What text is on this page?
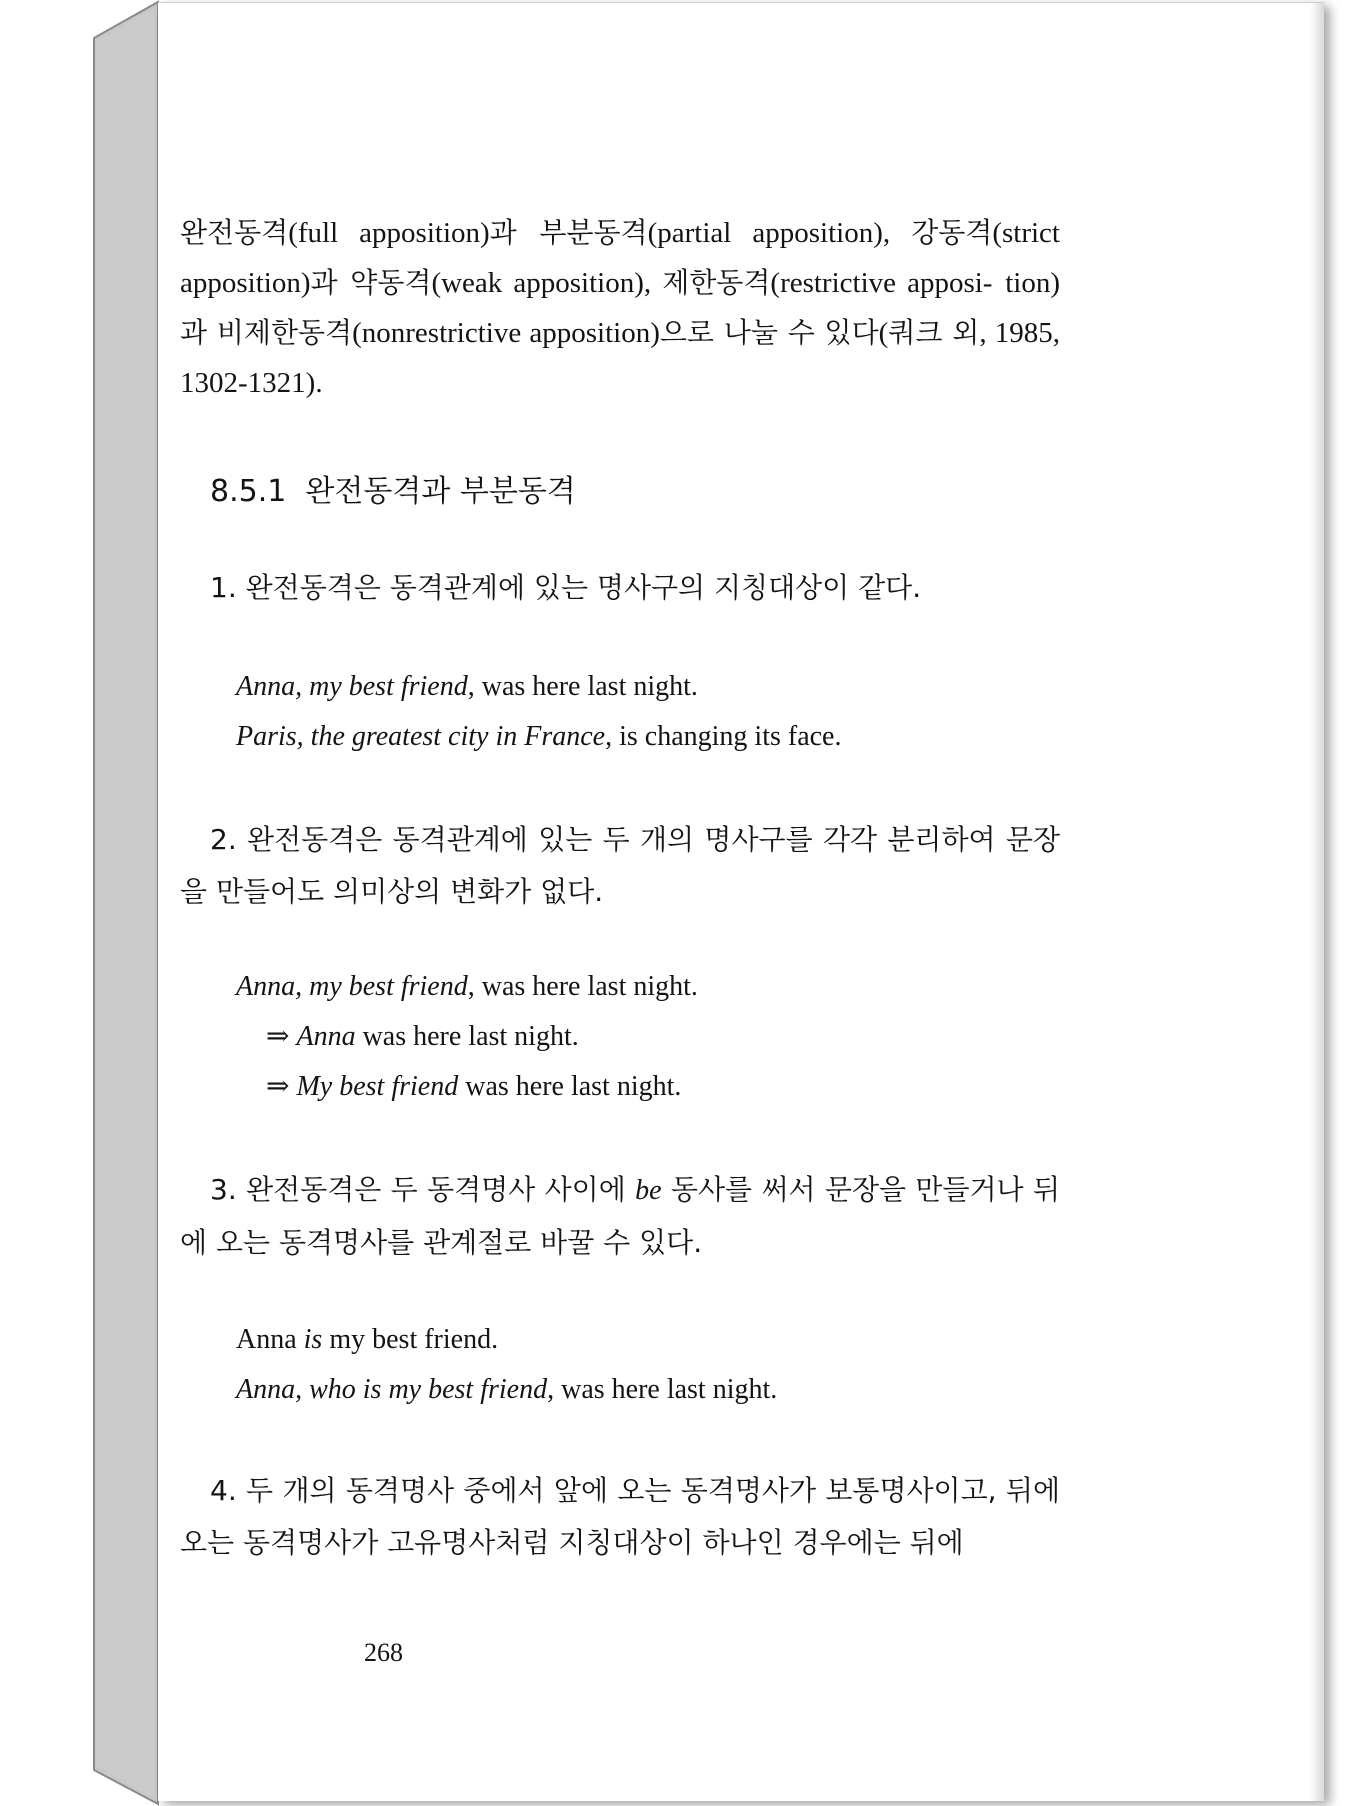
완전동격(full apposition)과 부분동격(partial apposition), 강동격(strict apposition)과 약동격(weak apposition), 제한동격(restrictive apposi- tion)과 비제한동격(nonrestrictive apposition)으로 나눌 수 있다(쿼크 외, 1985, 1302-1321).

8.5.1 완전동격과 부분동격

1. 완전동격은 동격관계에 있는 명사구의 지칭대상이 같다.

Anna, my best friend, was here last night.

Paris, the greatest city in France, is changing its face.

2. 완전동격은 동격관계에 있는 두 개의 명사구를 각각 분리하여 문장을 만들어도 의미상의 변화가 없다.

Anna, my best friend, was here last night.

⇒ Anna was here last night.

⇒ My best friend was here last night.

3. 완전동격은 두 동격명사 사이에 be 동사를 써서 문장을 만들거나 뒤에 오는 동격명사를 관계절로 바꿀 수 있다.

Anna is my best friend.

Anna, who is my best friend, was here last night.

4. 두 개의 동격명사 중에서 앞에 오는 동격명사가 보통명사이고, 뒤에 오는 동격명사가 고유명사처럼 지칭대상이 하나인 경우에는 뒤에

268
